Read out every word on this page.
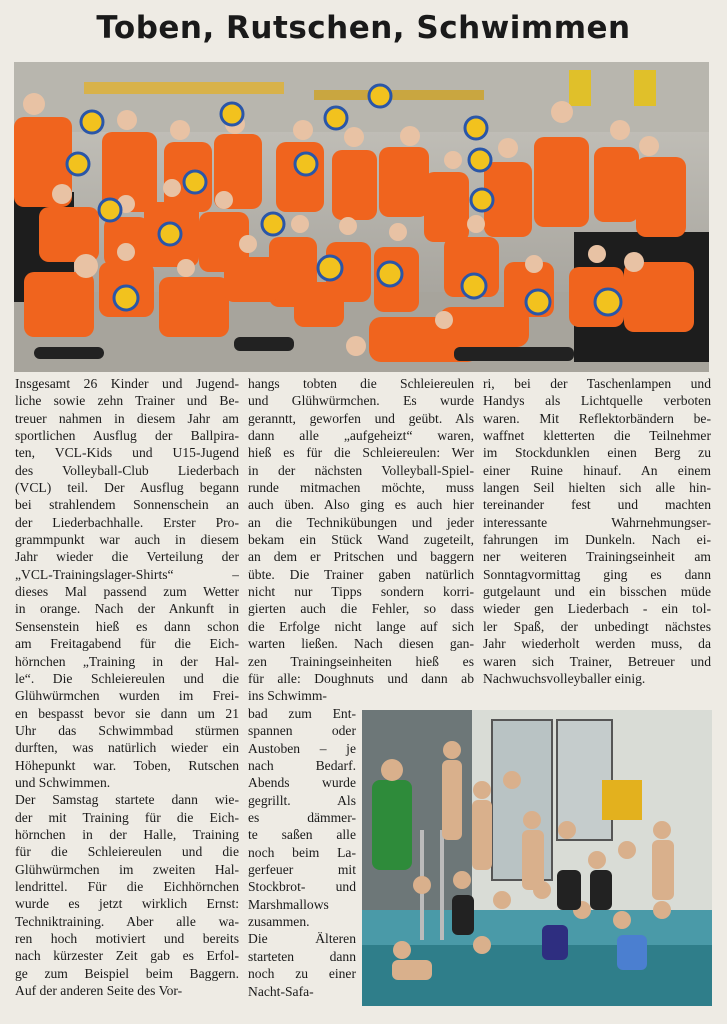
Toben, Rutschen, Schwimmen
Insgesamt 26 Kinder und Jugend-
liche sowie zehn Trainer und Be-
treuer nahmen in diesem Jahr am
sportlichen Ausflug der Ballpira-
ten, VCL-Kids und U15-Jugend
des Volleyball-Club Liederbach
(VCL) teil. Der Ausflug begann
bei strahlendem Sonnenschein an
der Liederbachhalle. Erster Pro-
grammpunkt war auch in diesem
Jahr wieder die Verteilung der
„VCL-Trainingslager-Shirts“ –
dieses Mal passend zum Wetter
in orange. Nach der Ankunft in
Sensenstein hieß es dann schon
am Freitagabend für die Eich-
hörnchen „Training in der Hal-
le“. Die Schleiereulen und die
Glühwürmchen wurden im Frei-
en bespasst bevor sie dann um 21
Uhr das Schwimmbad stürmen
durften, was natürlich wieder ein
Höhepunkt war. Toben, Rutschen
und Schwimmen.
Der Samstag startete dann wie-
der mit Training für die Eich-
hörnchen in der Halle, Training
für die Schleiereulen und die
Glühwürmchen im zweiten Hal-
lendrittel. Für die Eichhörnchen
wurde es jetzt wirklich Ernst:
Techniktraining. Aber alle wa-
ren hoch motiviert und bereits
nach kürzester Zeit gab es Erfol-
ge zum Beispiel beim Baggern.
Auf der anderen Seite des Vor-
hangs tobten die Schleiereulen
und Glühwürmchen. Es wurde
geranntt, geworfen und geübt. Als
dann alle „aufgeheizt“ waren,
hieß es für die Schleiereulen: Wer
in der nächsten Volleyball-Spiel-
runde mitmachen möchte, muss
auch üben. Also ging es auch hier
an die Technikübungen und jeder
bekam ein Stück Wand zugeteilt,
an dem er Pritschen und baggern
übte. Die Trainer gaben natürlich
nicht nur Tipps sondern korri-
gierten auch die Fehler, so dass
die Erfolge nicht lange auf sich
warten ließen. Nach diesen gan-
zen Trainingseinheiten hieß es
für alle: Doughnuts und dann ab
ins Schwimm-
bad zum Ent-
spannen oder
Austoben – je
nach Bedarf.
Abends wurde
gegrillt. Als
es dämmer-
te saßen alle
noch beim La-
gerfeuer mit
Stockbrot- und
Marshmallows
zusammen.
Die Älteren
starteten dann
noch zu einer
Nacht-Safa-
ri, bei der Taschenlampen und
Handys als Lichtquelle verboten
waren. Mit Reflektorbändern be-
waffnet kletterten die Teilnehmer
im Stockdunklen einen Berg zu
einer Ruine hinauf. An einem
langen Seil hielten sich alle hin-
tereinander fest und machten
interessante Wahrnehmungser-
fahrungen im Dunkeln. Nach ei-
ner weiteren Trainingseinheit am
Sonntagvormittag ging es dann
gutgelaunt und ein bisschen müde
wieder gen Liederbach - ein tol-
ler Spaß, der unbedingt nächstes
Jahr wiederholt werden muss, da
waren sich Trainer, Betreuer und
Nachwuchsvolleyballer einig.
